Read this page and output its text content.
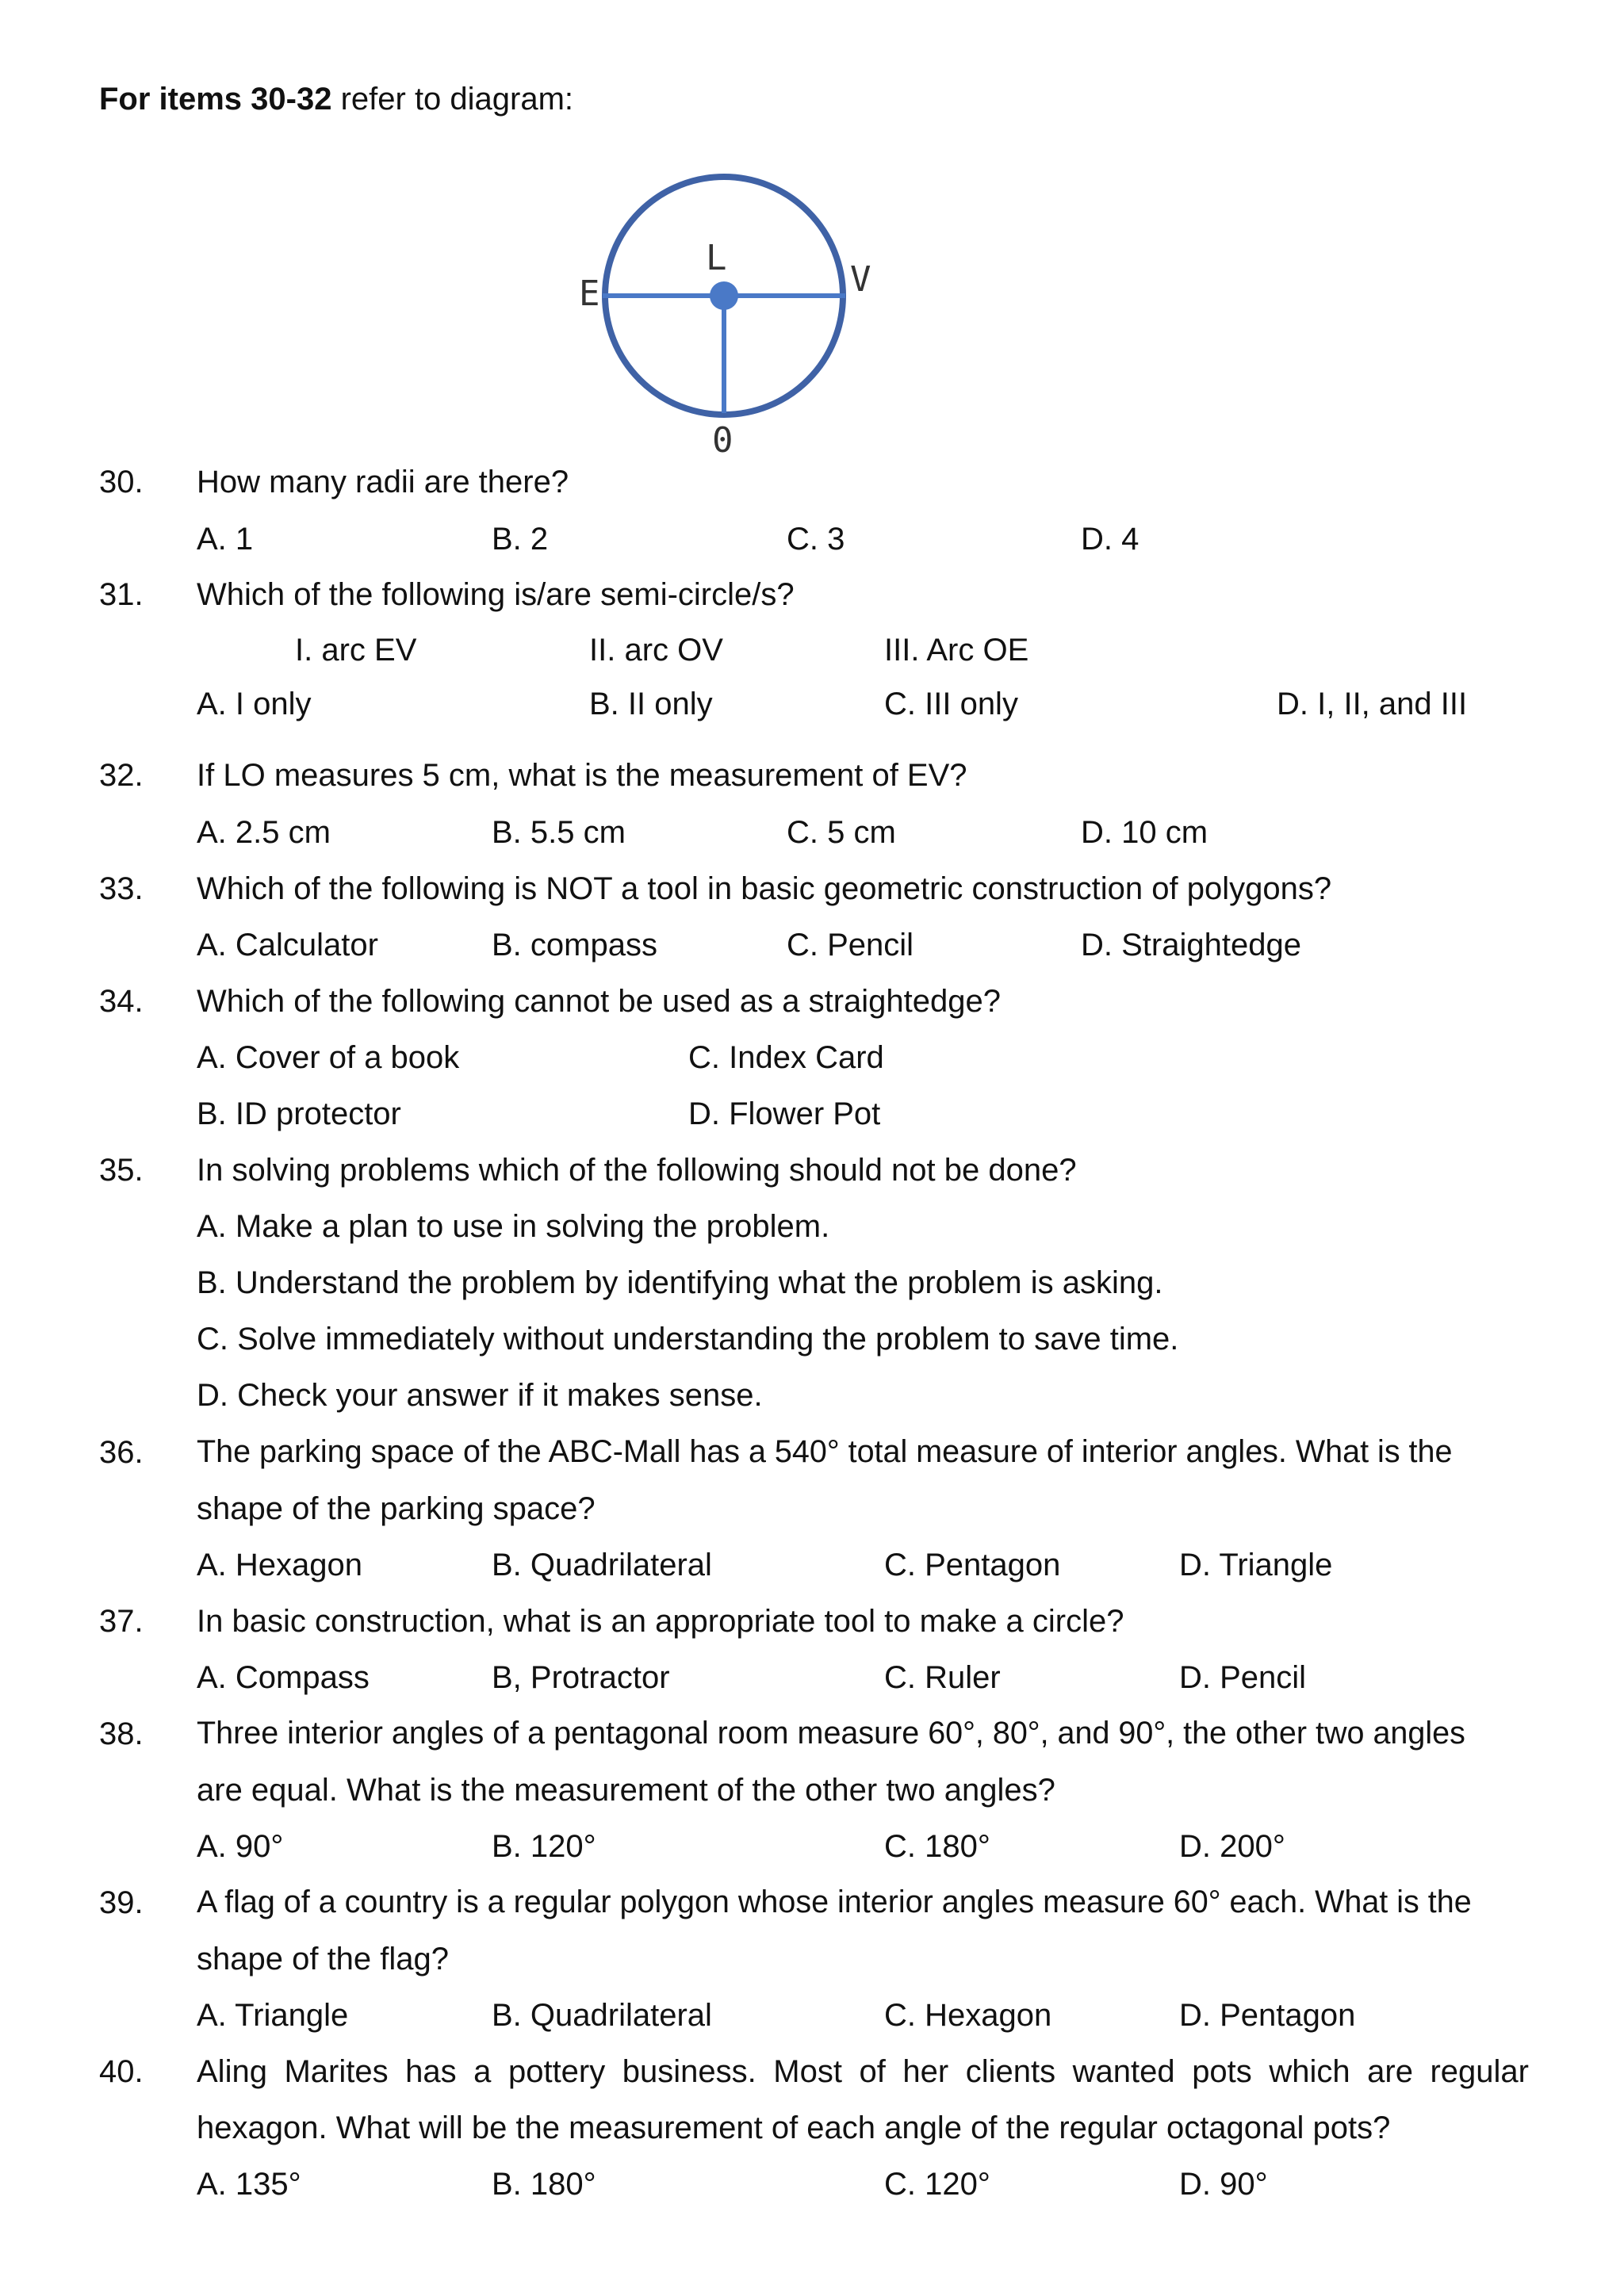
For items 30-32 refer to diagram:
E
L
V
0
30. How many radii are there?
A. 1	B. 2	C. 3	D. 4
31. Which of the following is/are semi-circle/s?
I. arc EV	II. arc OV	III. Arc OE
A. I only	B. II only	C. III only	D. I, II, and III
32. If LO measures 5 cm, what is the measurement of EV?
A. 2.5 cm	B. 5.5 cm	C. 5 cm	D. 10 cm
33. Which of the following is NOT a tool in basic geometric construction of polygons?
A. Calculator	B. compass	C. Pencil	D. Straightedge
34. Which of the following cannot be used as a straightedge?
A. Cover of a book	C. Index Card
B. ID protector	D. Flower Pot
35. In solving problems which of the following should not be done?
A. Make a plan to use in solving the problem.
B. Understand the problem by identifying what the problem is asking.
C. Solve immediately without understanding the problem to save time.
D. Check your answer if it makes sense.
36. The parking space of the ABC-Mall has a 540° total measure of interior angles. What is the
shape of the parking space?
A. Hexagon	B. Quadrilateral	C. Pentagon	D. Triangle
37. In basic construction, what is an appropriate tool to make a circle?
A. Compass	B, Protractor	C. Ruler	D. Pencil
38. Three interior angles of a pentagonal room measure 60°, 80°, and 90°, the other two angles
are equal. What is the measurement of the other two angles?
A. 90°	B. 120°	C. 180°	D. 200°
39. A flag of a country is a regular polygon whose interior angles measure 60° each. What is the
shape of the flag?
A. Triangle	B. Quadrilateral	C. Hexagon	D. Pentagon
40. Aling Marites has a pottery business. Most of her clients wanted pots which are regular
hexagon. What will be the measurement of each angle of the regular octagonal pots?
A. 135°	B. 180°	C. 120°	D. 90°
